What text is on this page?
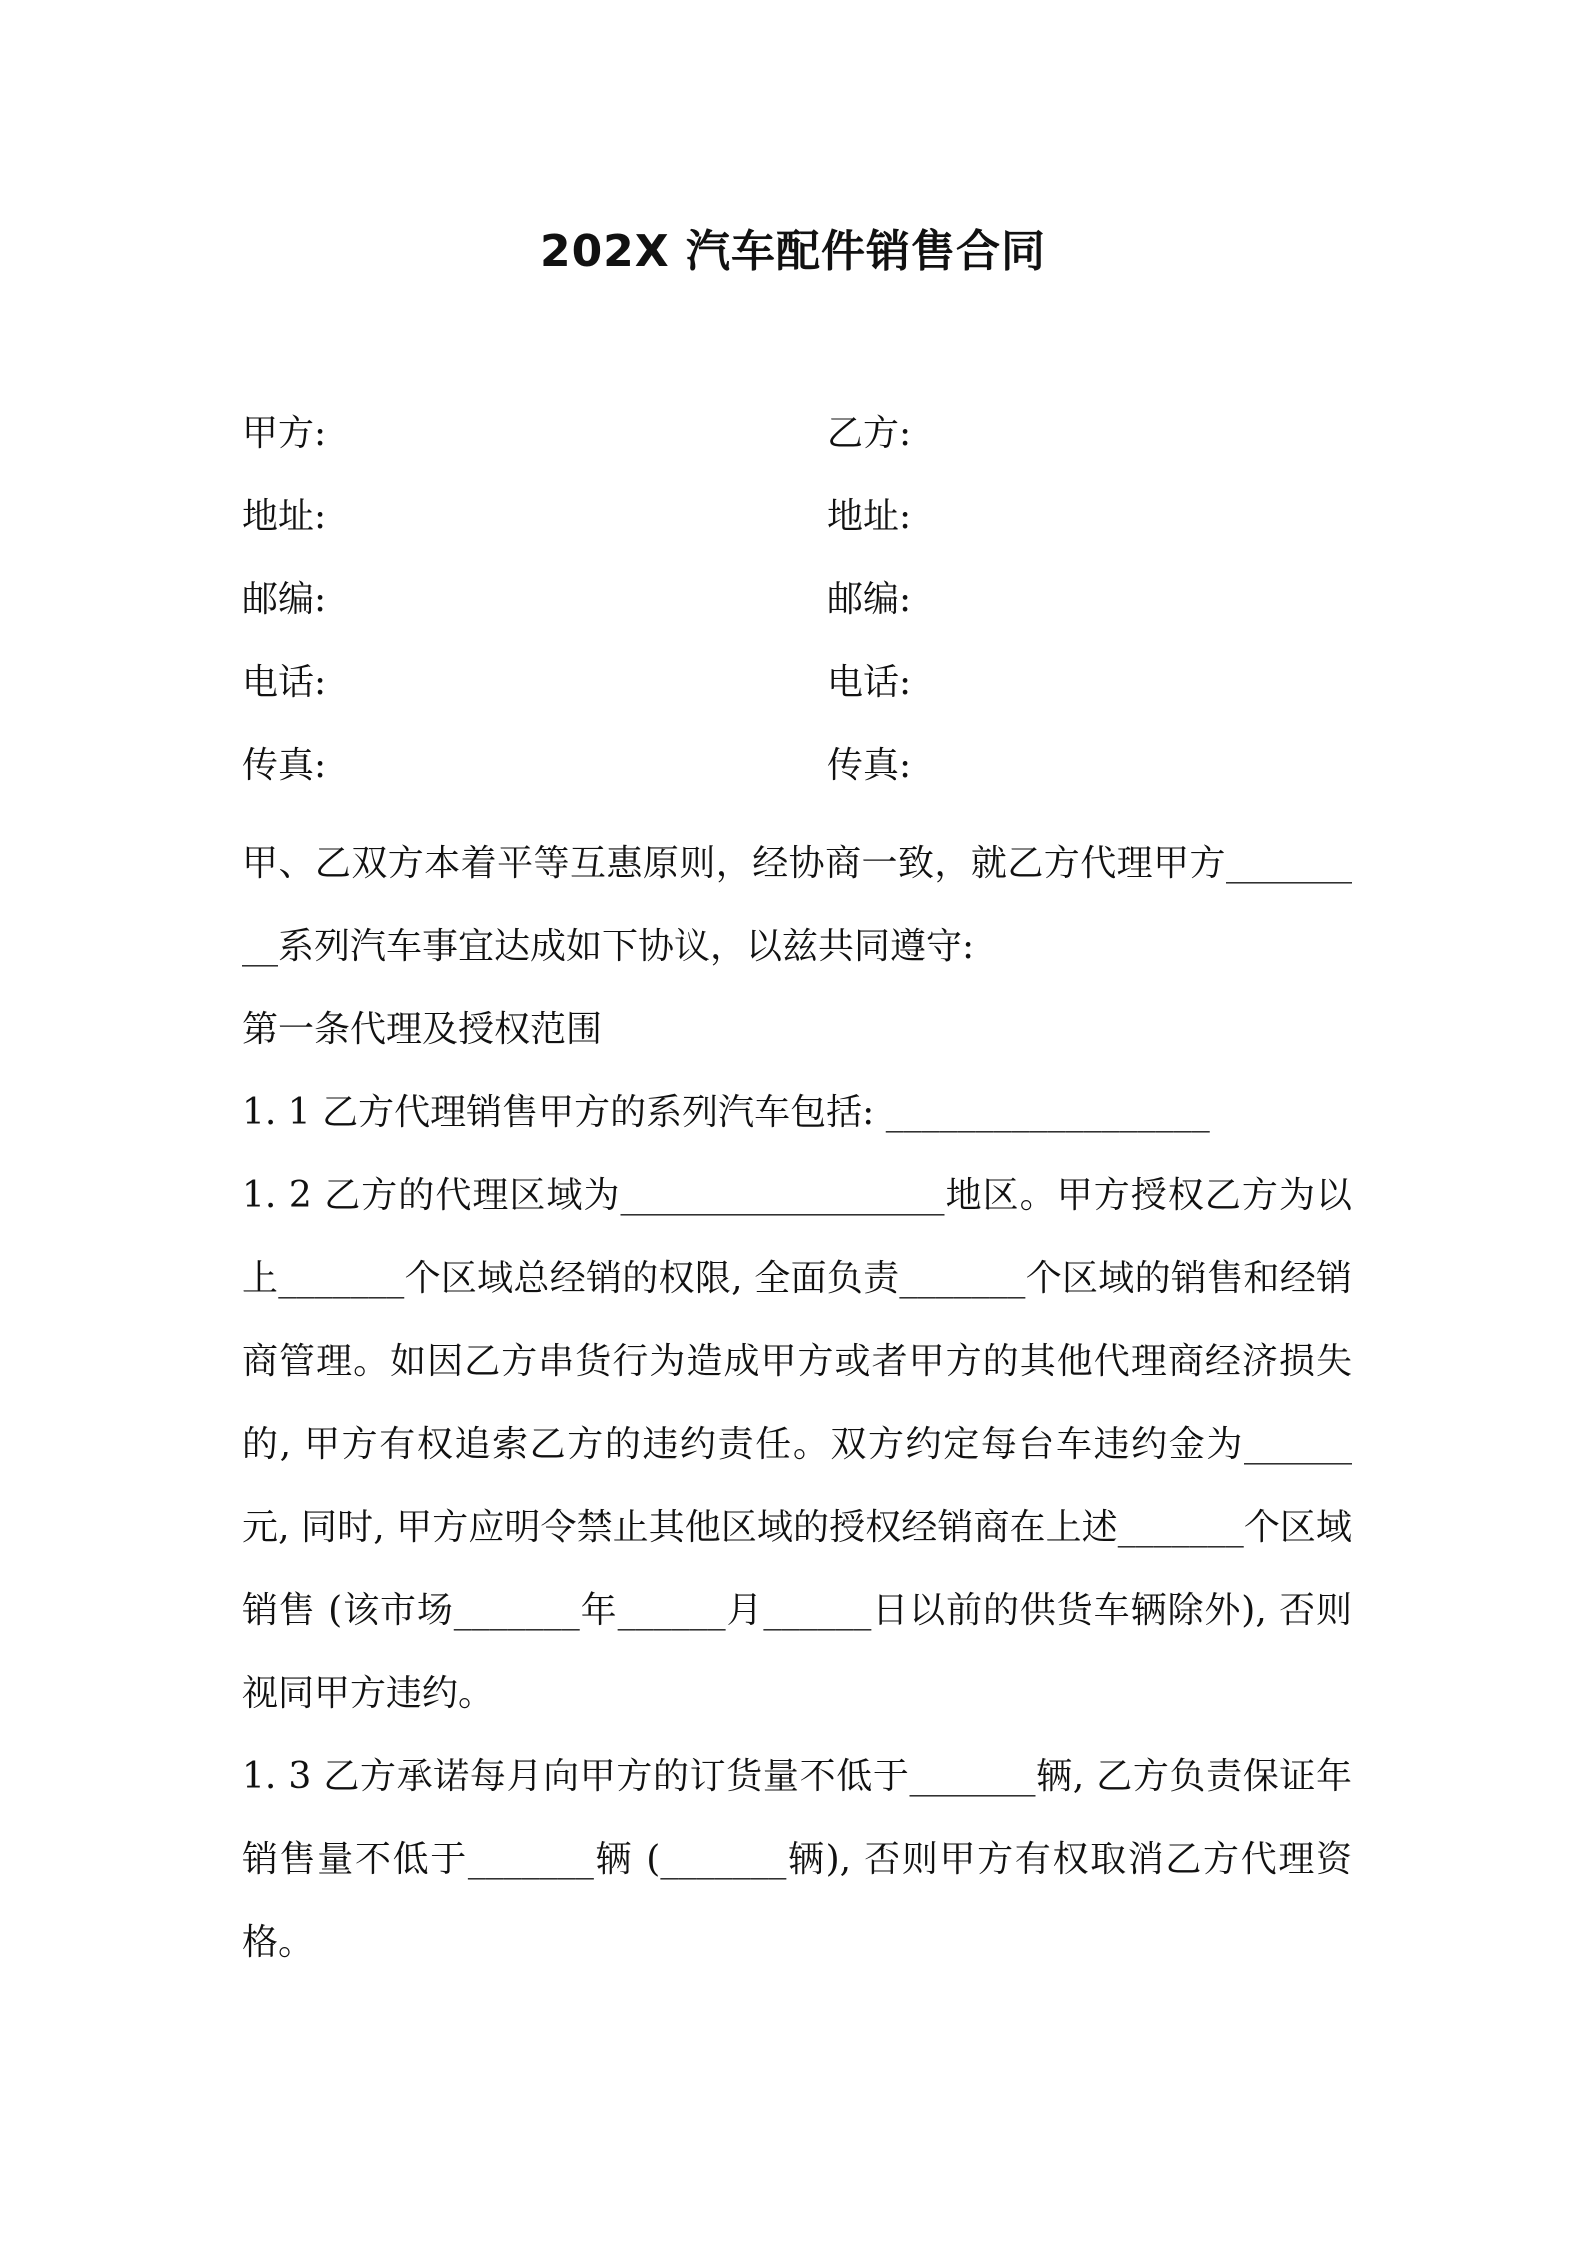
202X 汽车配件销售合同
甲方:	乙方:
地址:	地址:
邮编:	邮编:
电话:	电话:
传真:	传真:

甲、乙双方本着平等互惠原则，经协商一致，就乙方代理甲方_________系列汽车事宜达成如下协议，以兹共同遵守:

第一条代理及授权范围

1. 1 乙方代理销售甲方的系列汽车包括: __________________

1. 2 乙方的代理区域为__________________地区。甲方授权乙方为以上_______个区域总经销的权限, 全面负责_______个区域的销售和经销商管理。如因乙方串货行为造成甲方或者甲方的其他代理商经济损失的, 甲方有权追索乙方的违约责任。双方约定每台车违约金为______元, 同时, 甲方应明令禁止其他区域的授权经销商在上述_______个区域销售 (该市场_______年______月______日以前的供货车辆除外), 否则视同甲方违约。

1. 3 乙方承诺每月向甲方的订货量不低于_______辆, 乙方负责保证年销售量不低于_______辆 (_______辆), 否则甲方有权取消乙方代理资格。
